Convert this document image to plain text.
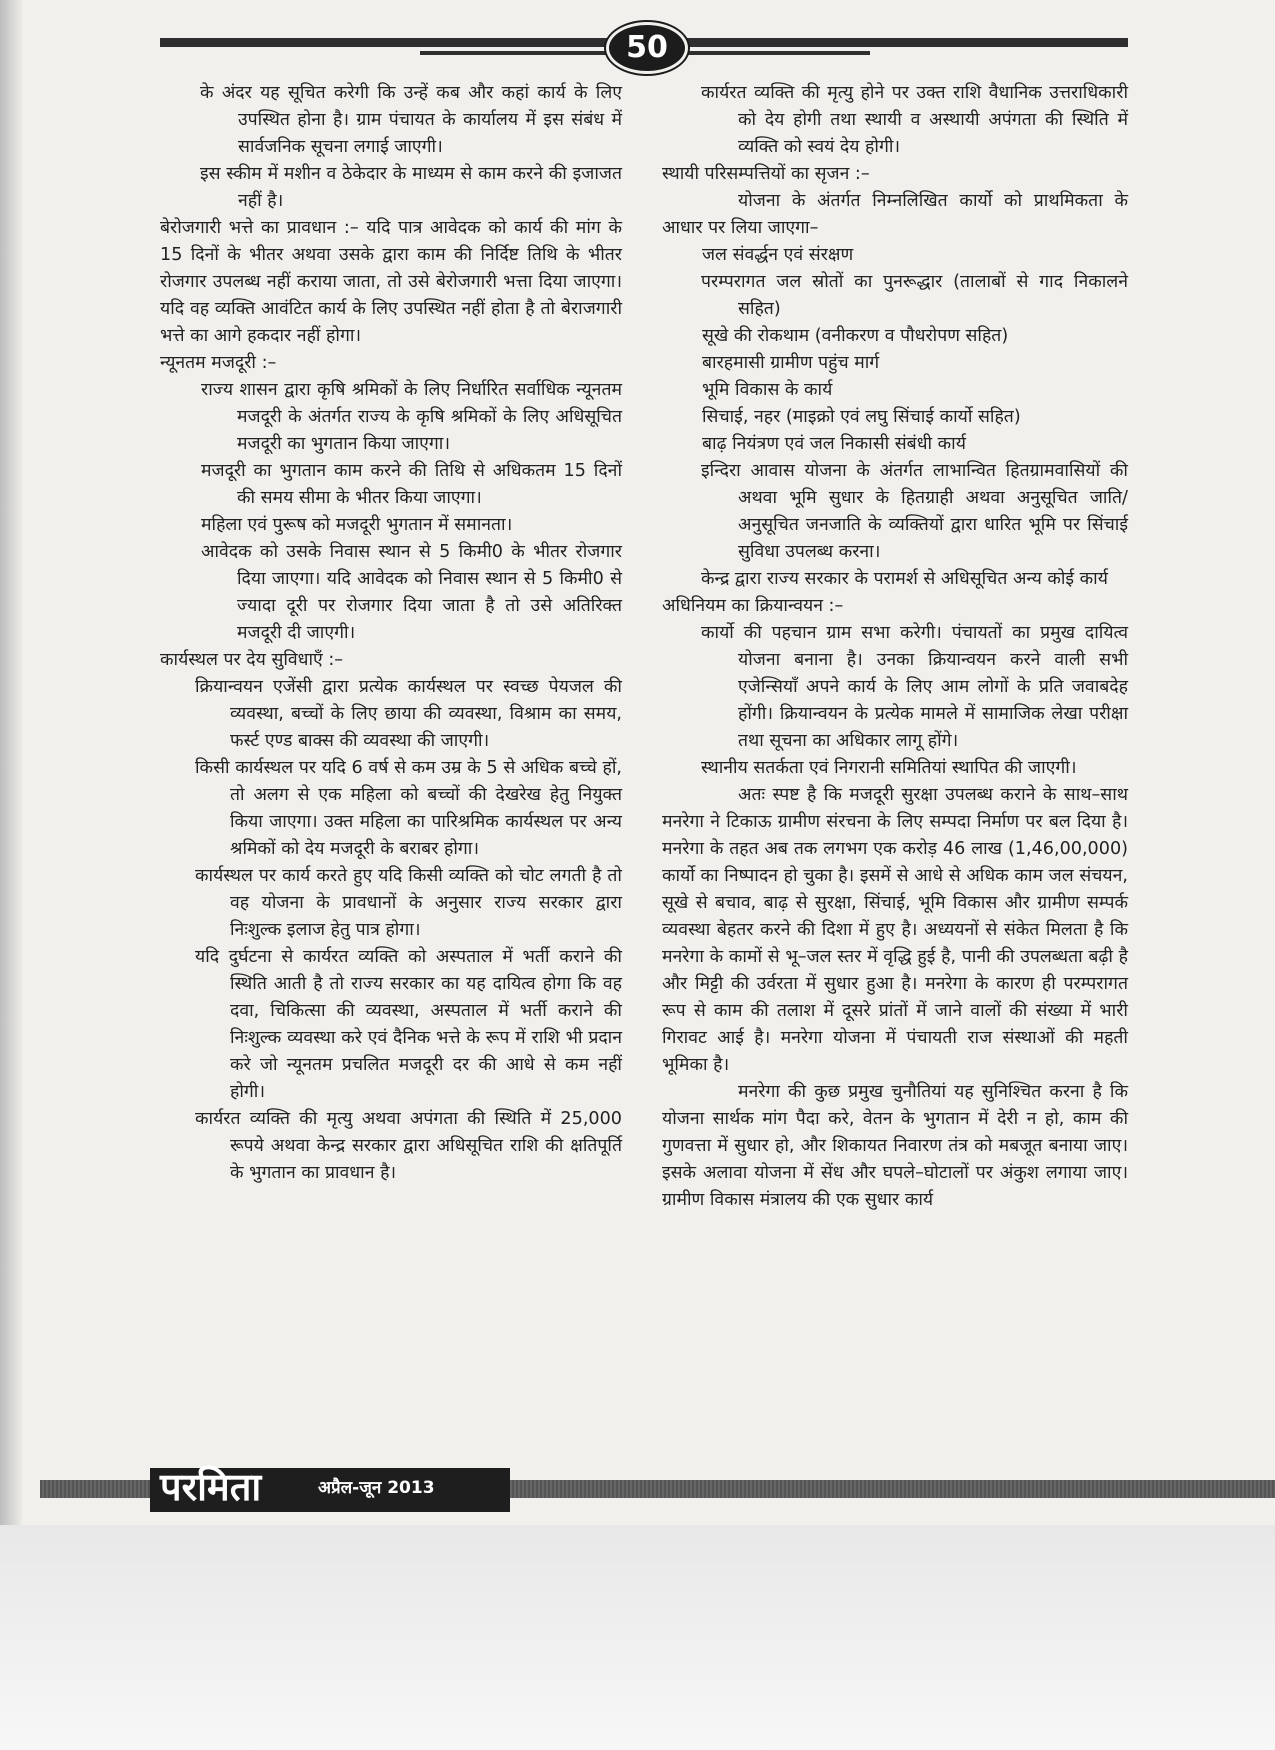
50

के अंदर यह सूचित करेगी कि उन्हें कब और कहां कार्य के लिए उपस्थित होना है। ग्राम पंचायत के कार्यालय में इस संबंध में सार्वजनिक सूचना लगाई जाएगी।

इस स्कीम में मशीन व ठेकेदार के माध्यम से काम करने की इजाजत नहीं है।

बेरोजगारी भत्ते का प्रावधान :– यदि पात्र आवेदक को कार्य की मांग के 15 दिनों के भीतर अथवा उसके द्वारा काम की निर्दिष्ट तिथि के भीतर रोजगार उपलब्ध नहीं कराया जाता, तो उसे बेरोजगारी भत्ता दिया जाएगा। यदि वह व्यक्ति आवंटित कार्य के लिए उपस्थित नहीं होता है तो बेराजगारी भत्ते का आगे हकदार नहीं होगा।

न्यूनतम मजदूरी :–

राज्य शासन द्वारा कृषि श्रमिकों के लिए निर्धारित सर्वाधिक न्यूनतम मजदूरी के अंतर्गत राज्य के कृषि श्रमिकों के लिए अधिसूचित मजदूरी का भुगतान किया जाएगा।

मजदूरी का भुगतान काम करने की तिथि से अधिकतम 15 दिनों की समय सीमा के भीतर किया जाएगा।

महिला एवं पुरूष को मजदूरी भुगतान में समानता।

आवेदक को उसके निवास स्थान से 5 किमी0 के भीतर रोजगार दिया जाएगा। यदि आवेदक को निवास स्थान से 5 किमी0 से ज्यादा दूरी पर रोजगार दिया जाता है तो उसे अतिरिक्त मजदूरी दी जाएगी।

कार्यस्थल पर देय सुविधाएँ :–

क्रियान्वयन एजेंसी द्वारा प्रत्येक कार्यस्थल पर स्वच्छ पेयजल की व्यवस्था, बच्चों के लिए छाया की व्यवस्था, विश्राम का समय, फर्स्ट एण्ड बाक्स की व्यवस्था की जाएगी।

किसी कार्यस्थल पर यदि 6 वर्ष से कम उम्र के 5 से अधिक बच्चे हों, तो अलग से एक महिला को बच्चों की देखरेख हेतु नियुक्त किया जाएगा। उक्त महिला का पारिश्रमिक कार्यस्थल पर अन्य श्रमिकों को देय मजदूरी के बराबर होगा।

कार्यस्थल पर कार्य करते हुए यदि किसी व्यक्ति को चोट लगती है तो वह योजना के प्रावधानों के अनुसार राज्य सरकार द्वारा निःशुल्क इलाज हेतु पात्र होगा।

यदि दुर्घटना से कार्यरत व्यक्ति को अस्पताल में भर्ती कराने की स्थिति आती है तो राज्य सरकार का यह दायित्व होगा कि वह दवा, चिकित्सा की व्यवस्था, अस्पताल में भर्ती कराने की निःशुल्क व्यवस्था करे एवं दैनिक भत्ते के रूप में राशि भी प्रदान करे जो न्यूनतम प्रचलित मजदूरी दर की आधे से कम नहीं होगी।

कार्यरत व्यक्ति की मृत्यु अथवा अपंगता की स्थिति में 25,000 रूपये अथवा केन्द्र सरकार द्वारा अधिसूचित राशि की क्षतिपूर्ति के भुगतान का प्रावधान है।

कार्यरत व्यक्ति की मृत्यु होने पर उक्त राशि वैधानिक उत्तराधिकारी को देय होगी तथा स्थायी व अस्थायी अपंगता की स्थिति में व्यक्ति को स्वयं देय होगी।

स्थायी परिसम्पत्तियों का सृजन :–

योजना के अंतर्गत निम्नलिखित कार्यो को प्राथमिकता के आधार पर लिया जाएगा–

जल संवर्द्धन एवं संरक्षण

परम्परागत जल स्रोतों का पुनरूद्धार (तालाबों से गाद निकालने सहित)

सूखे की रोकथाम (वनीकरण व पौधरोपण सहित)

बारहमासी ग्रामीण पहुंच मार्ग

भूमि विकास के कार्य

सिचाई, नहर (माइक्रो एवं लघु सिंचाई कार्यो सहित)

बाढ़ नियंत्रण एवं जल निकासी संबंधी कार्य

इन्दिरा आवास योजना के अंतर्गत लाभान्वित हितग्रामवासियों की अथवा भूमि सुधार के हितग्राही अथवा अनुसूचित जाति/अनुसूचित जनजाति के व्यक्तियों द्वारा धारित भूमि पर सिंचाई सुविधा उपलब्ध करना।

केन्द्र द्वारा राज्य सरकार के परामर्श से अधिसूचित अन्य कोई कार्य

अधिनियम का क्रियान्वयन :–

कार्यो की पहचान ग्राम सभा करेगी। पंचायतों का प्रमुख दायित्व योजना बनाना है। उनका क्रियान्वयन करने वाली सभी एजेन्सियाँ अपने कार्य के लिए आम लोगों के प्रति जवाबदेह होंगी। क्रियान्वयन के प्रत्येक मामले में सामाजिक लेखा परीक्षा तथा सूचना का अधिकार लागू होंगे।

स्थानीय सतर्कता एवं निगरानी समितियां स्थापित की जाएगी।

अतः स्पष्ट है कि मजदूरी सुरक्षा उपलब्ध कराने के साथ–साथ मनरेगा ने टिकाऊ ग्रामीण संरचना के लिए सम्पदा निर्माण पर बल दिया है। मनरेगा के तहत अब तक लगभग एक करोड़ 46 लाख (1,46,00,000) कार्यो का निष्पादन हो चुका है। इसमें से आधे से अधिक काम जल संचयन, सूखे से बचाव, बाढ़ से सुरक्षा, सिंचाई, भूमि विकास और ग्रामीण सम्पर्क व्यवस्था बेहतर करने की दिशा में हुए है। अध्ययनों से संकेत मिलता है कि मनरेगा के कामों से भू–जल स्तर में वृद्धि हुई है, पानी की उपलब्धता बढ़ी है और मिट्टी की उर्वरता में सुधार हुआ है। मनरेगा के कारण ही परम्परागत रूप से काम की तलाश में दूसरे प्रांतों में जाने वालों की संख्या में भारी गिरावट आई है। मनरेगा योजना में पंचायती राज संस्थाओं की महती भूमिका है।

मनरेगा की कुछ प्रमुख चुनौतियां यह सुनिश्चित करना है कि योजना सार्थक मांग पैदा करे, वेतन के भुगतान में देरी न हो, काम की गुणवत्ता में सुधार हो, और शिकायत निवारण तंत्र को मबजूत बनाया जाए। इसके अलावा योजना में सेंध और घपले–घोटालों पर अंकुश लगाया जाए। ग्रामीण विकास मंत्रालय की एक सुधार कार्य

परमिता	अप्रैल-जून 2013
